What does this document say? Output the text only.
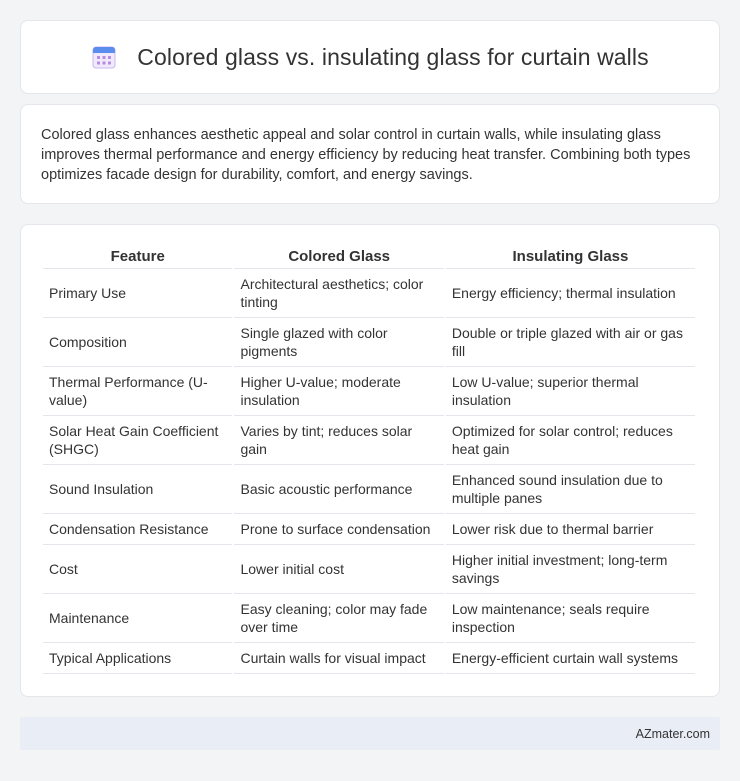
Colored glass vs. insulating glass for curtain walls

Colored glass enhances aesthetic appeal and solar control in curtain walls, while insulating glass improves thermal performance and energy efficiency by reducing heat transfer. Combining both types optimizes facade design for durability, comfort, and energy savings.

Feature	Colored Glass	Insulating Glass
Primary Use	Architectural aesthetics; color tinting	Energy efficiency; thermal insulation
Composition	Single glazed with color pigments	Double or triple glazed with air or gas fill
Thermal Performance (U-value)	Higher U-value; moderate insulation	Low U-value; superior thermal insulation
Solar Heat Gain Coefficient (SHGC)	Varies by tint; reduces solar gain	Optimized for solar control; reduces heat gain
Sound Insulation	Basic acoustic performance	Enhanced sound insulation due to multiple panes
Condensation Resistance	Prone to surface condensation	Lower risk due to thermal barrier
Cost	Lower initial cost	Higher initial investment; long-term savings
Maintenance	Easy cleaning; color may fade over time	Low maintenance; seals require inspection
Typical Applications	Curtain walls for visual impact	Energy-efficient curtain wall systems
AZmater.com
